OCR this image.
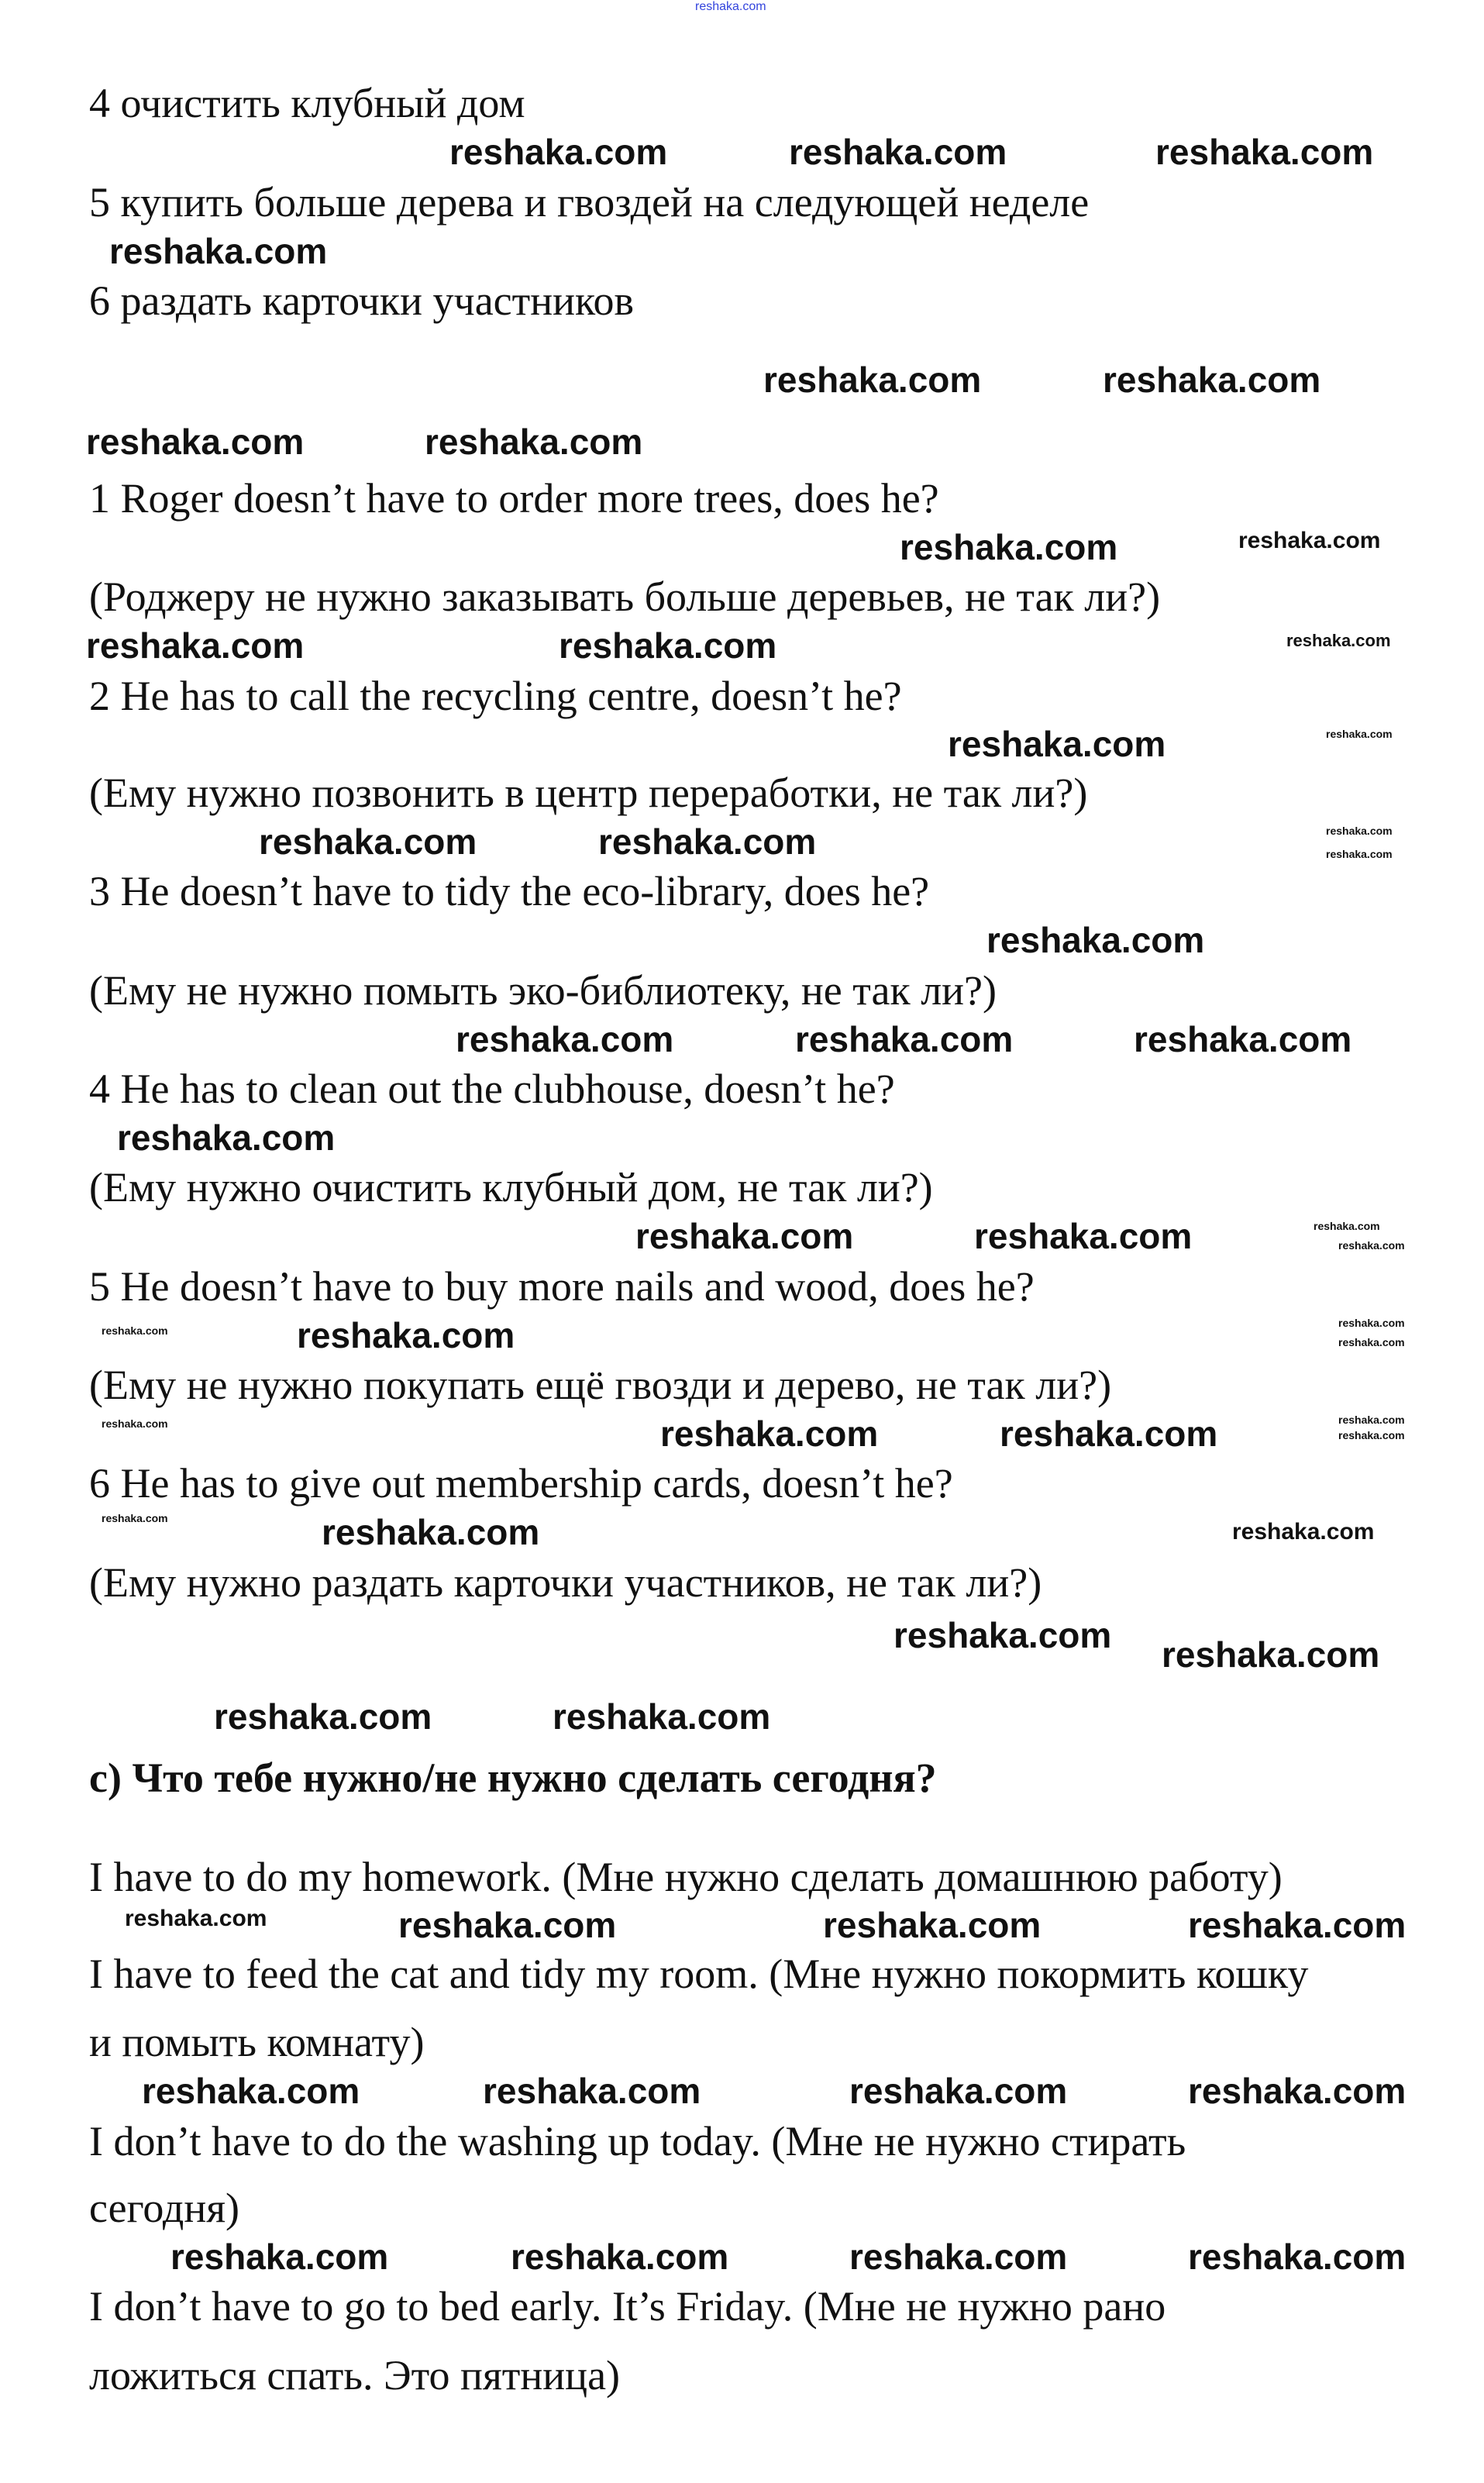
reshaka.com
4 очистить клубный дом
5 купить больше дерева и гвоздей на следующей неделе
6 раздать карточки участников
1 Roger doesn’t have to order more trees, does he?
(Роджеру не нужно заказывать больше деревьев, не так ли?)
2 He has to call the recycling centre, doesn’t he?
(Ему нужно позвонить в центр переработки, не так ли?)
3 He doesn’t have to tidy the eco-library, does he?
(Ему не нужно помыть эко-библиотеку, не так ли?)
4 He has to clean out the clubhouse, doesn’t he?
(Ему нужно очистить клубный дом, не так ли?)
5 He doesn’t have to buy more nails and wood, does he?
(Ему не нужно покупать ещё гвозди и дерево, не так ли?)
6 He has to give out membership cards, doesn’t he?
(Ему нужно раздать карточки участников, не так ли?)
c) Что тебе нужно/не нужно сделать сегодня?
I have to do my homework. (Мне нужно сделать домашнюю работу)
I have to feed the cat and tidy my room. (Мне нужно покормить кошку
и помыть комнату)
I don’t have to do the washing up today. (Мне не нужно стирать
сегодня)
I don’t have to go to bed early. It’s Friday. (Мне не нужно рано
ложиться спать. Это пятница)
reshaka.com	reshaka.com	reshaka.com
reshaka.com
reshaka.com	reshaka.com
reshaka.com	reshaka.com
reshaka.com	reshaka.com
reshaka.com	reshaka.com	reshaka.com
reshaka.com	reshaka.com
reshaka.com	reshaka.com	reshaka.com
reshaka.com
reshaka.com
reshaka.com	reshaka.com	reshaka.com
reshaka.com
reshaka.com	reshaka.com	reshaka.com
reshaka.com
reshaka.com
reshaka.com
reshaka.com
reshaka.com
reshaka.com	reshaka.com
reshaka.com	reshaka.com
reshaka.com
reshaka.com	reshaka.com	reshaka.com
reshaka.com reshaka.com
reshaka.com	reshaka.com
reshaka.com	reshaka.com	reshaka.com	reshaka.com
reshaka.com	reshaka.com	reshaka.com	reshaka.com
reshaka.com	reshaka.com	reshaka.com	reshaka.com
